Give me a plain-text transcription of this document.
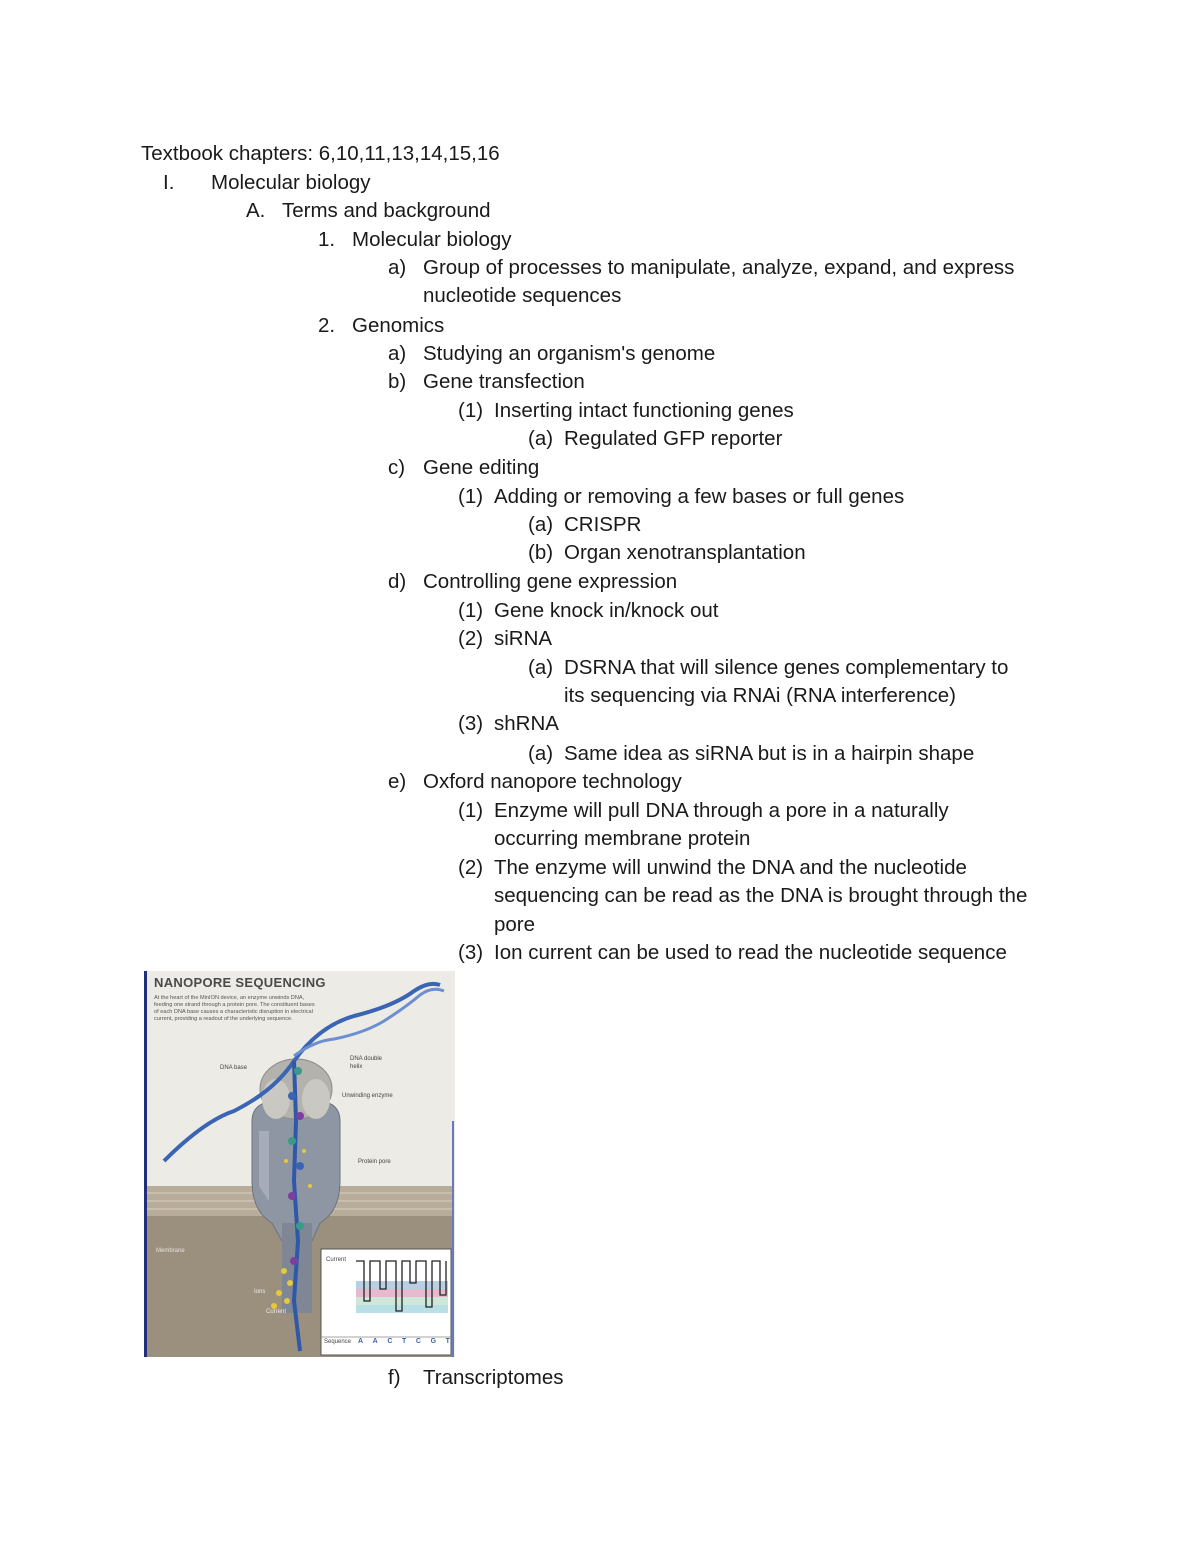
Textbook chapters: 6,10,11,13,14,15,16
I. Molecular biology
A. Terms and background
1. Molecular biology
a) Group of processes to manipulate, analyze, expand, and express
nucleotide sequences
2. Genomics
a) Studying an organism's genome
b) Gene transfection
(1) Inserting intact functioning genes
(a) Regulated GFP reporter
c) Gene editing
(1) Adding or removing a few bases or full genes
(a) CRISPR
(b) Organ xenotransplantation
d) Controlling gene expression
(1) Gene knock in/knock out
(2) siRNA
(a) DSRNA that will silence genes complementary to
its sequencing via RNAi (RNA interference)
(3) shRNA
(a) Same idea as siRNA but is in a hairpin shape
e) Oxford nanopore technology
(1) Enzyme will pull DNA through a pore in a naturally
occurring membrane protein
(2) The enzyme will unwind the DNA and the nucleotide
sequencing can be read as the DNA is brought through the
pore
(3) Ion current can be used to read the nucleotide sequence
NANOPORE SEQUENCING
At the heart of the MinION device, an enzyme unwinds DNA,
feeding one strand through a protein pore. The constituent bases
of each DNA base causes a characteristic disruption in electrical
current, providing a readout of the underlying sequence.
DNA base
DNA double
helix
Unwinding enzyme
Protein pore
Membrane
Ions
Current
Current
Sequence A A C T C G T
f) Transcriptomes
